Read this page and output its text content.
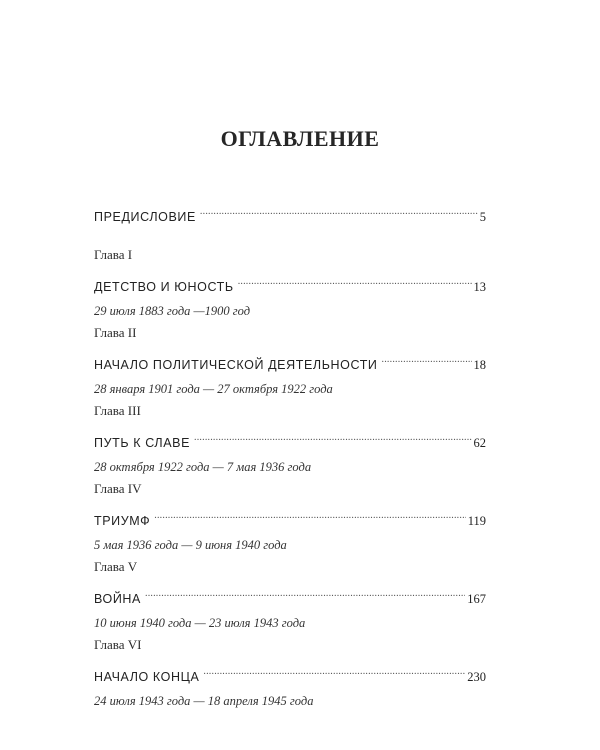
ОГЛАВЛЕНИЕ
ПРЕДИСЛОВИЕ .....	5
Глава I
ДЕТСТВО И ЮНОСТЬ .....	13
29 июля 1883 года —1900 год
Глава II
НАЧАЛО ПОЛИТИЧЕСКОЙ ДЕЯТЕЛЬНОСТИ .....	18
28 января 1901 года — 27 октября 1922 года
Глава III
ПУТЬ К СЛАВЕ .....	62
28 октября 1922 года — 7 мая 1936 года
Глава IV
ТРИУМФ .....	119
5 мая 1936 года — 9 июня 1940 года
Глава V
ВОЙНА .....	167
10 июня 1940 года — 23 июля 1943 года
Глава VI
НАЧАЛО КОНЦА .....	230
24 июля 1943 года — 18 апреля 1945 года
